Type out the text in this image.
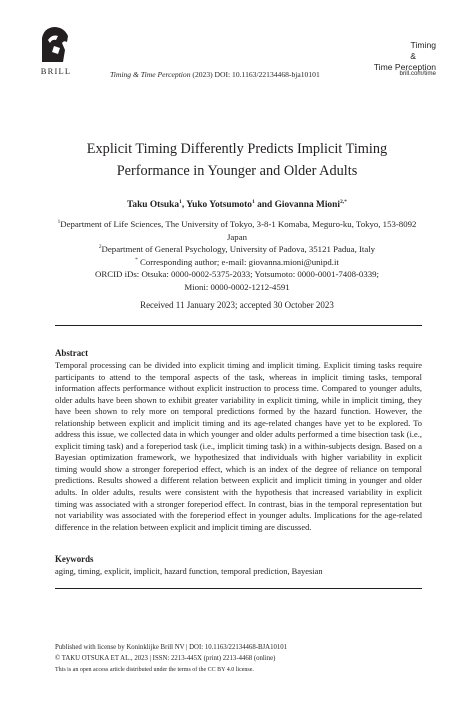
BRILL	Timing & Time Perception (2023) DOI: 10.1163/22134468-bja10101
Timing
&
Time Perception
brill.com/time
Explicit Timing Differently Predicts Implicit Timing
Performance in Younger and Older Adults
Taku Otsuka$^1$, Yuko Yotsumoto$^1$ and Giovanna Mioni$^{2,*}$
$^1$Department of Life Sciences, The University of Tokyo, 3-8-1 Komaba, Meguro-ku, Tokyo, 153-8092 Japan
$^2$Department of General Psychology, University of Padova, 35121 Padua, Italy
* Corresponding author; e-mail: giovanna.mioni@unipd.it
ORCID iDs: Otsuka: 0000-0002-5375-2033; Yotsumoto: 0000-0001-7408-0339;
Mioni: 0000-0002-1212-4591
Received 11 January 2023; accepted 30 October 2023
Abstract
Temporal processing can be divided into explicit timing and implicit timing. Explicit timing tasks require participants to attend to the temporal aspects of the task, whereas in implicit timing tasks, temporal information affects performance without explicit instruction to process time. Compared to younger adults, older adults have been shown to exhibit greater variability in explicit timing, while in implicit timing, they have been shown to rely more on temporal predictions formed by the hazard function. However, the relationship between explicit and implicit timing and its age-related changes have yet to be explored. To address this issue, we collected data in which younger and older adults performed a time bisection task (i.e., explicit timing task) and a foreperiod task (i.e., implicit timing task) in a within-subjects design. Based on a Bayesian optimization framework, we hypothesized that individuals with higher variability in explicit timing would show a stronger foreperiod effect, which is an index of the degree of reliance on temporal predictions. Results showed a different relation between explicit and implicit timing in younger and older adults. In older adults, results were consistent with the hypothesis that increased variability in explicit timing was associated with a stronger foreperiod effect. In contrast, bias in the temporal representation but not variability was associated with the foreperiod effect in younger adults. Implications for the age-related difference in the relation between explicit and implicit timing are discussed.
Keywords
aging, timing, explicit, implicit, hazard function, temporal prediction, Bayesian
Published with license by Koninklijke Brill NV | DOI: 10.1163/22134468-BJA10101
© TAKU OTSUKA ET AL., 2023 | ISSN: 2213-445X (print) 2213-4468 (online)
This is an open access article distributed under the terms of the CC BY 4.0 license.
